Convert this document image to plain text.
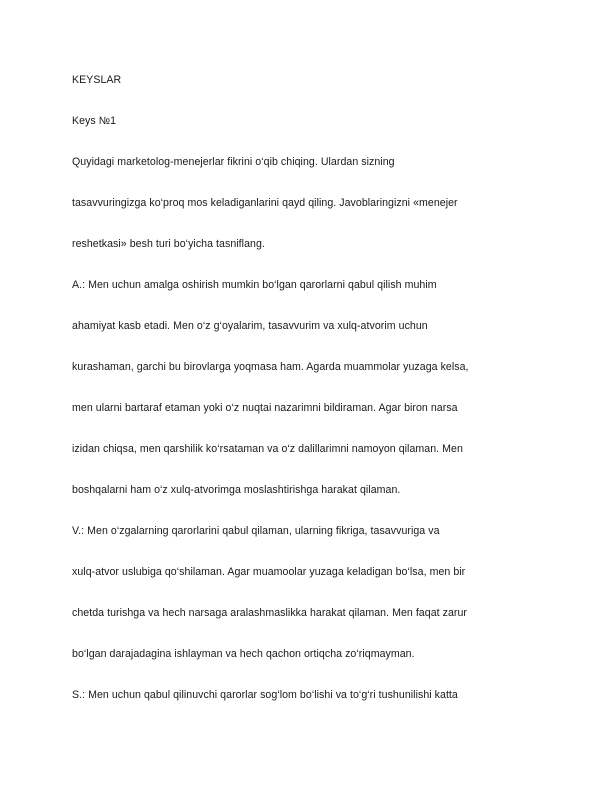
KEYSLAR
Keys №1
Quyidagi marketolog-menejerlar fikrini o‘qib chiqing. Ulardan sizning
tasavvuringizga ko‘proq mos keladiganlarini qayd qiling. Javoblaringizni «menejer
reshetkasi» besh turi bo‘yicha tasniflang.
A.: Men uchun amalga oshirish mumkin bo‘lgan qarorlarni qabul qilish muhim
ahamiyat kasb etadi. Men o‘z g‘oyalarim, tasavvurim va xulq-atvorim uchun
kurashaman, garchi bu birovlarga yoqmasa ham. Agarda muammolar yuzaga kelsa,
men ularni bartaraf etaman yoki o‘z nuqtai nazarimni bildiraman. Agar biron narsa
izidan chiqsa, men qarshilik ko‘rsataman va o‘z dalillarimni namoyon qilaman. Men
boshqalarni ham o‘z xulq-atvorimga moslashtirishga harakat qilaman.
V.: Men o‘zgalarning qarorlarini qabul qilaman, ularning fikriga, tasavvuriga va
xulq-atvor uslubiga qo‘shilaman. Agar muamoolar yuzaga keladigan bo‘lsa, men bir
chetda turishga va hech narsaga aralashmaslikka harakat qilaman. Men faqat zarur
bo‘lgan darajadagina ishlayman va hech qachon ortiqcha zo‘riqmayman.
S.: Men uchun qabul qilinuvchi qarorlar sog‘lom bo‘lishi va to‘g‘ri tushunilishi katta
